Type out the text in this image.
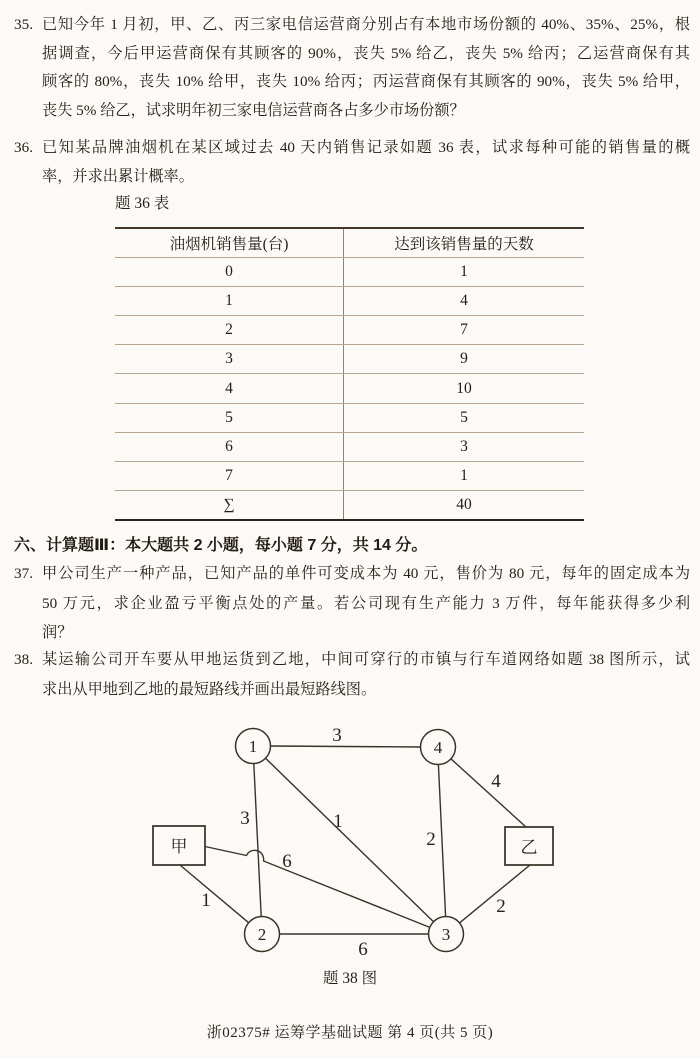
35. 已知今年 1 月初，甲、乙、丙三家电信运营商分别占有本地市场份额的 40%、35%、25%，根
据调查，今后甲运营商保有其顾客的 90%，丧失 5% 给乙，丧失 5% 给丙；乙运营商保有其
顾客的 80%，丧失 10% 给甲，丧失 10% 给丙；丙运营商保有其顾客的 90%，丧失 5% 给甲，
丧失 5% 给乙，试求明年初三家电信运营商各占多少市场份额？
36. 已知某品牌油烟机在某区域过去 40 天内销售记录如题 36 表，试求每种可能的销售量的概
率，并求出累计概率。
题 36 表
油烟机销售量(台)	达到该销售量的天数
0	1
1	4
2	7
3	9
4	10
5	5
6	3
7	1
∑	40
六、计算题Ⅲ：本大题共 2 小题，每小题 7 分，共 14 分。
37. 甲公司生产一种产品，已知产品的单件可变成本为 40 元，售价为 80 元，每年的固定成本为
50 万元，求企业盈亏平衡点处的产量。若公司现有生产能力 3 万件，每年能获得多少利
润？
38. 某运输公司开车要从甲地运货到乙地，中间可穿行的市镇与行车道网络如题 38 图所示，试
求出从甲地到乙地的最短路线并画出最短路线图。
1
2	3
4
甲	乙
3
3	1
2
4
6
1
6
2
题 38 图
浙02375# 运筹学基础试题 第 4 页(共 5 页)
